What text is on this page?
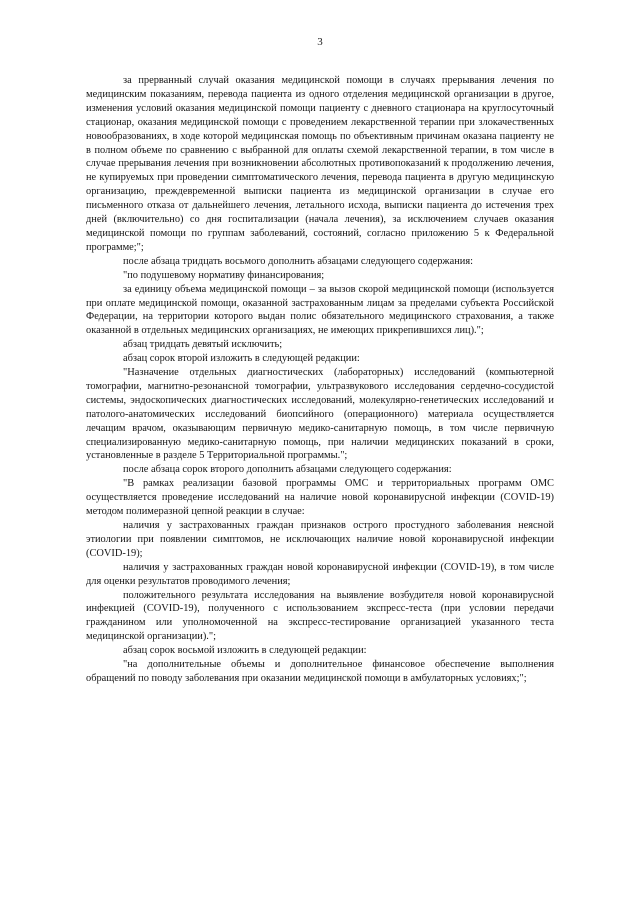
3

за прерванный случай оказания медицинской помощи в случаях прерывания лечения по медицинским показаниям, перевода пациента из одного отделения медицинской организации в другое, изменения условий оказания медицинской помощи пациенту с дневного стационара на круглосуточный стационар, оказания медицинской помощи с проведением лекарственной терапии при злокачественных новообразованиях, в ходе которой медицинская помощь по объективным причинам оказана пациенту не в полном объеме по сравнению с выбранной для оплаты схемой лекарственной терапии, в том числе в случае прерывания лечения при возникновении абсолютных противопоказаний к продолжению лечения, не купируемых при проведении симптоматического лечения, перевода пациента в другую медицинскую организацию, преждевременной выписки пациента из медицинской организации в случае его письменного отказа от дальнейшего лечения, летального исхода, выписки пациента до истечения трех дней (включительно) со дня госпитализации (начала лечения), за исключением случаев оказания медицинской помощи по группам заболеваний, состояний, согласно приложению 5 к Федеральной программе;";

после абзаца тридцать восьмого дополнить абзацами следующего содержания:

"по подушевому нормативу финансирования;

за единицу объема медицинской помощи – за вызов скорой медицинской помощи (используется при оплате медицинской помощи, оказанной застрахованным лицам за пределами субъекта Российской Федерации, на территории которого выдан полис обязательного медицинского страхования, а также оказанной в отдельных медицинских организациях, не имеющих прикрепившихся лиц).";

абзац тридцать девятый исключить;

абзац сорок второй изложить в следующей редакции:

"Назначение отдельных диагностических (лабораторных) исследований (компьютерной томографии, магнитно-резонансной томографии, ультразвукового исследования сердечно-сосудистой системы, эндоскопических диагностических исследований, молекулярно-генетических исследований и патолого-анатомических исследований биопсийного (операционного) материала осуществляется лечащим врачом, оказывающим первичную медико-санитарную помощь, в том числе первичную специализированную медико-санитарную помощь, при наличии медицинских показаний в сроки, установленные в разделе 5 Территориальной программы.";

после абзаца сорок второго дополнить абзацами следующего содержания:

"В рамках реализации базовой программы ОМС и территориальных программ ОМС осуществляется проведение исследований на наличие новой коронавирусной инфекции (COVID-19) методом полимеразной цепной реакции в случае:

наличия у застрахованных граждан признаков острого простудного заболевания неясной этиологии при появлении симптомов, не исключающих наличие новой коронавирусной инфекции (COVID-19);

наличия у застрахованных граждан новой коронавирусной инфекции (COVID-19), в том числе для оценки результатов проводимого лечения;

положительного результата исследования на выявление возбудителя новой коронавирусной инфекцией (COVID-19), полученного с использованием экспресс-теста (при условии передачи гражданином или уполномоченной на экспресс-тестирование организацией указанного теста медицинской организации).";

абзац сорок восьмой изложить в следующей редакции:

"на дополнительные объемы и дополнительное финансовое обеспечение выполнения обращений по поводу заболевания при оказании медицинской помощи в амбулаторных условиях;";
